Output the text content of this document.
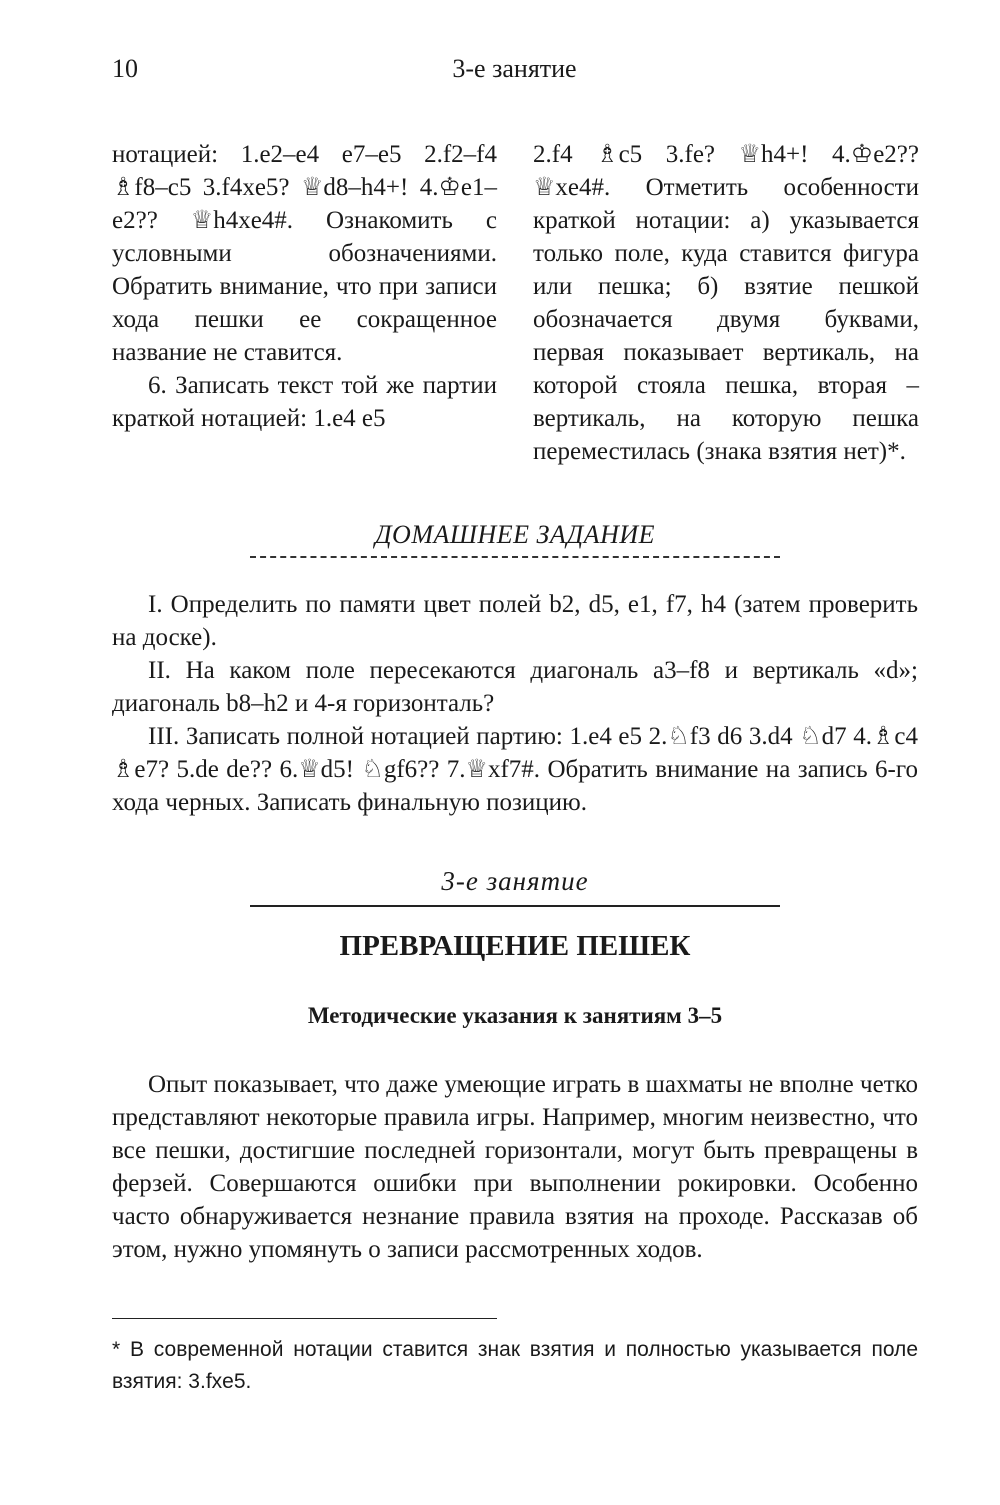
10	3-е занятие

нотацией: 1.e2–e4 e7–e5 2.f2–f4 ♗f8–c5 3.f4xe5? ♕d8–h4+! 4.♔e1–e2?? ♕h4xe4#. Ознакомить с условными обозначениями. Обратить внимание, что при записи хода пешки ее сокращенное название не ставится.

6. Записать текст той же партии краткой нотацией: 1.e4 e5

2.f4 ♗c5 3.fe? ♕h4+! 4.♔e2?? ♕xe4#. Отметить особенности краткой нотации: а) указывается только поле, куда ставится фигура или пешка; б) взятие пешкой обозначается двумя буквами, первая показывает вертикаль, на которой стояла пешка, вторая – вертикаль, на которую пешка переместилась (знака взятия нет)*.

ДОМАШНЕЕ ЗАДАНИЕ

I. Определить по памяти цвет полей b2, d5, e1, f7, h4 (затем проверить на доске).

II. На каком поле пересекаются диагональ a3–f8 и вертикаль «d»; диагональ b8–h2 и 4-я горизонталь?

III. Записать полной нотацией партию: 1.e4 e5 2.♘f3 d6 3.d4 ♘d7 4.♗c4 ♗e7? 5.de de?? 6.♕d5! ♘gf6?? 7.♕xf7#. Обратить внимание на запись 6-го хода черных. Записать финальную позицию.

3-е занятие
ПРЕВРАЩЕНИЕ ПЕШЕК
Методические указания к занятиям 3–5

Опыт показывает, что даже умеющие играть в шахматы не вполне четко представляют некоторые правила игры. Например, многим неизвестно, что все пешки, достигшие последней горизонтали, могут быть превращены в ферзей. Совершаются ошибки при выполнении рокировки. Особенно часто обнаруживается незнание правила взятия на проходе. Рассказав об этом, нужно упомянуть о записи рассмотренных ходов.

* В современной нотации ставится знак взятия и полностью указывается поле взятия: 3.fxe5.
